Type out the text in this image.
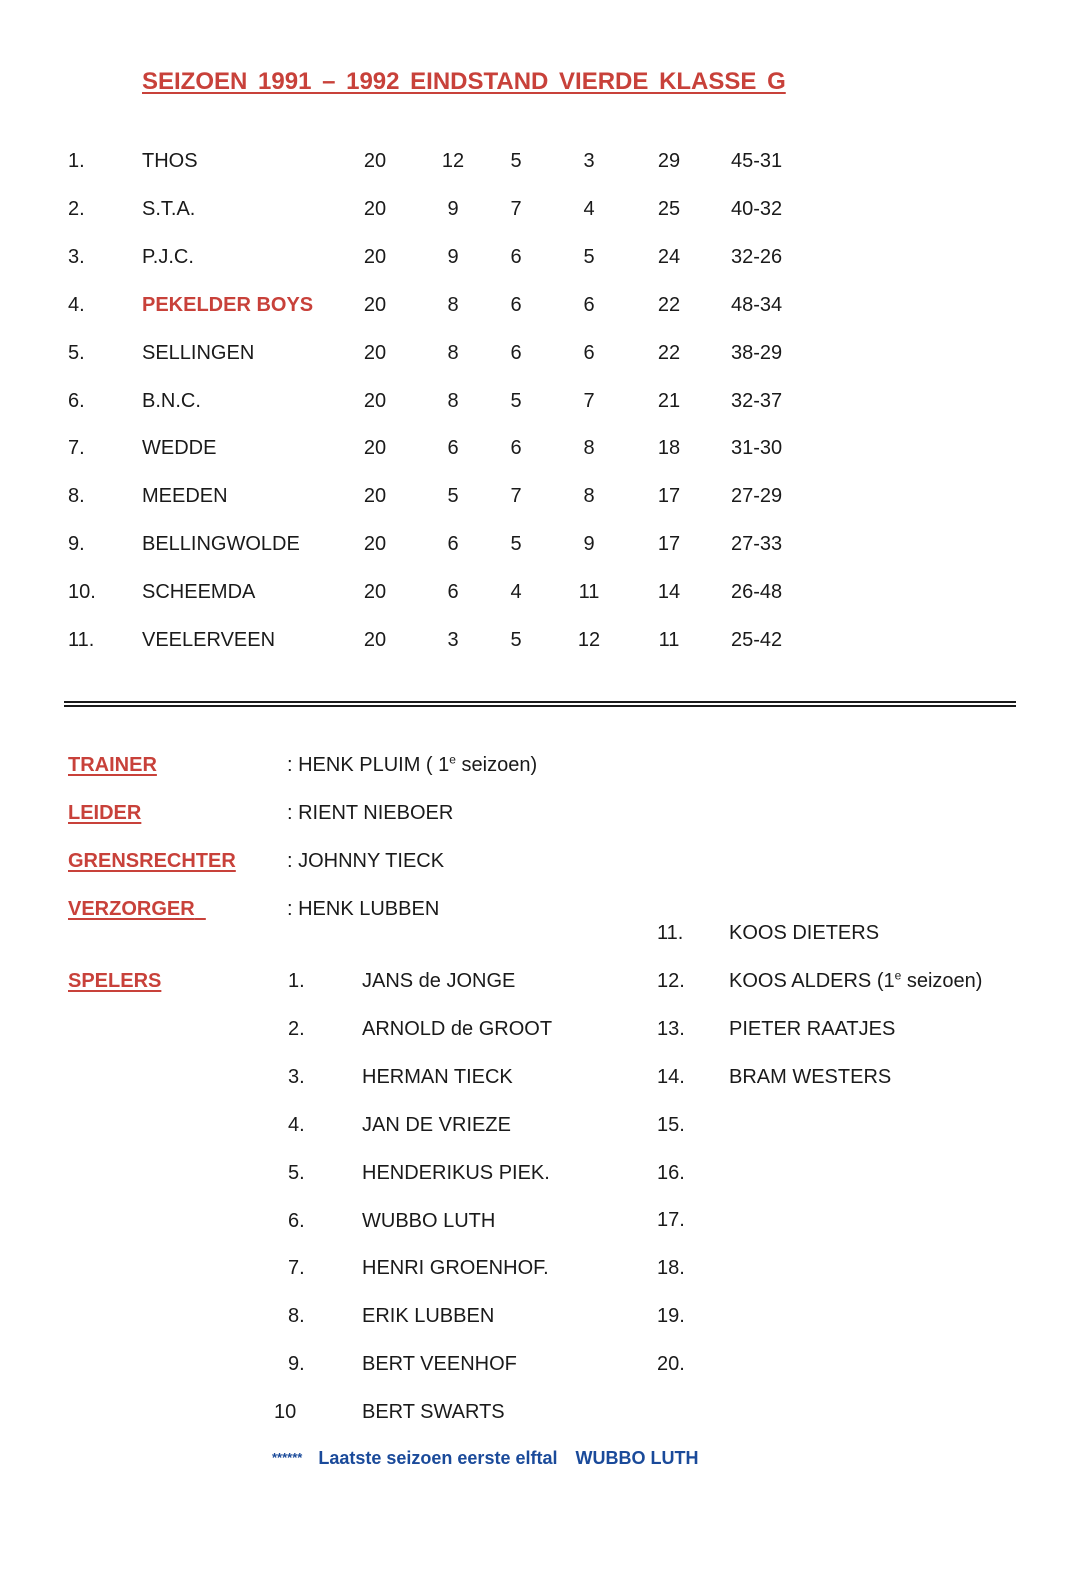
SEIZOEN 1991 – 1992 EINDSTAND VIERDE KLASSE G
1.	THOS	20	12	5	3	29	45-31
2.	S.T.A.	20	9	7	4	25	40-32
3.	P.J.C.	20	9	6	5	24	32-26
4.	PEKELDER BOYS	20	8	6	6	22	48-34
5.	SELLINGEN	20	8	6	6	22	38-29
6.	B.N.C.	20	8	5	7	21	32-37
7.	WEDDE	20	6	6	8	18	31-30
8.	MEEDEN	20	5	7	8	17	27-29
9.	BELLINGWOLDE	20	6	5	9	17	27-33
10. SCHEEMDA	20	6	4	11	14	26-48
11. VEELERVEEN	20	3	5	12	11	25-42
TRAINER	: HENK PLUIM ( 1e seizoen)
LEIDER	: RIENT NIEBOER
GRENSRECHTER	: JOHNNY TIECK
VERZORGER	: HENK LUBBEN
SPELERS	1.	JANS de JONGE
2.	ARNOLD de GROOT
3.	HERMAN TIECK
4.	JAN DE VRIEZE
5.	HENDERIKUS PIEK.
6.	WUBBO LUTH
7.	HENRI GROENHOF.
8.	ERIK LUBBEN
9.	BERT VEENHOF
10	BERT SWARTS
11. KOOS DIETERS
12. KOOS ALDERS (1e seizoen)
13. PIETER RAATJES
14. BRAM WESTERS
15.
16.
17.
18.
19.
20.
****** Laatste seizoen eerste elftal WUBBO LUTH
